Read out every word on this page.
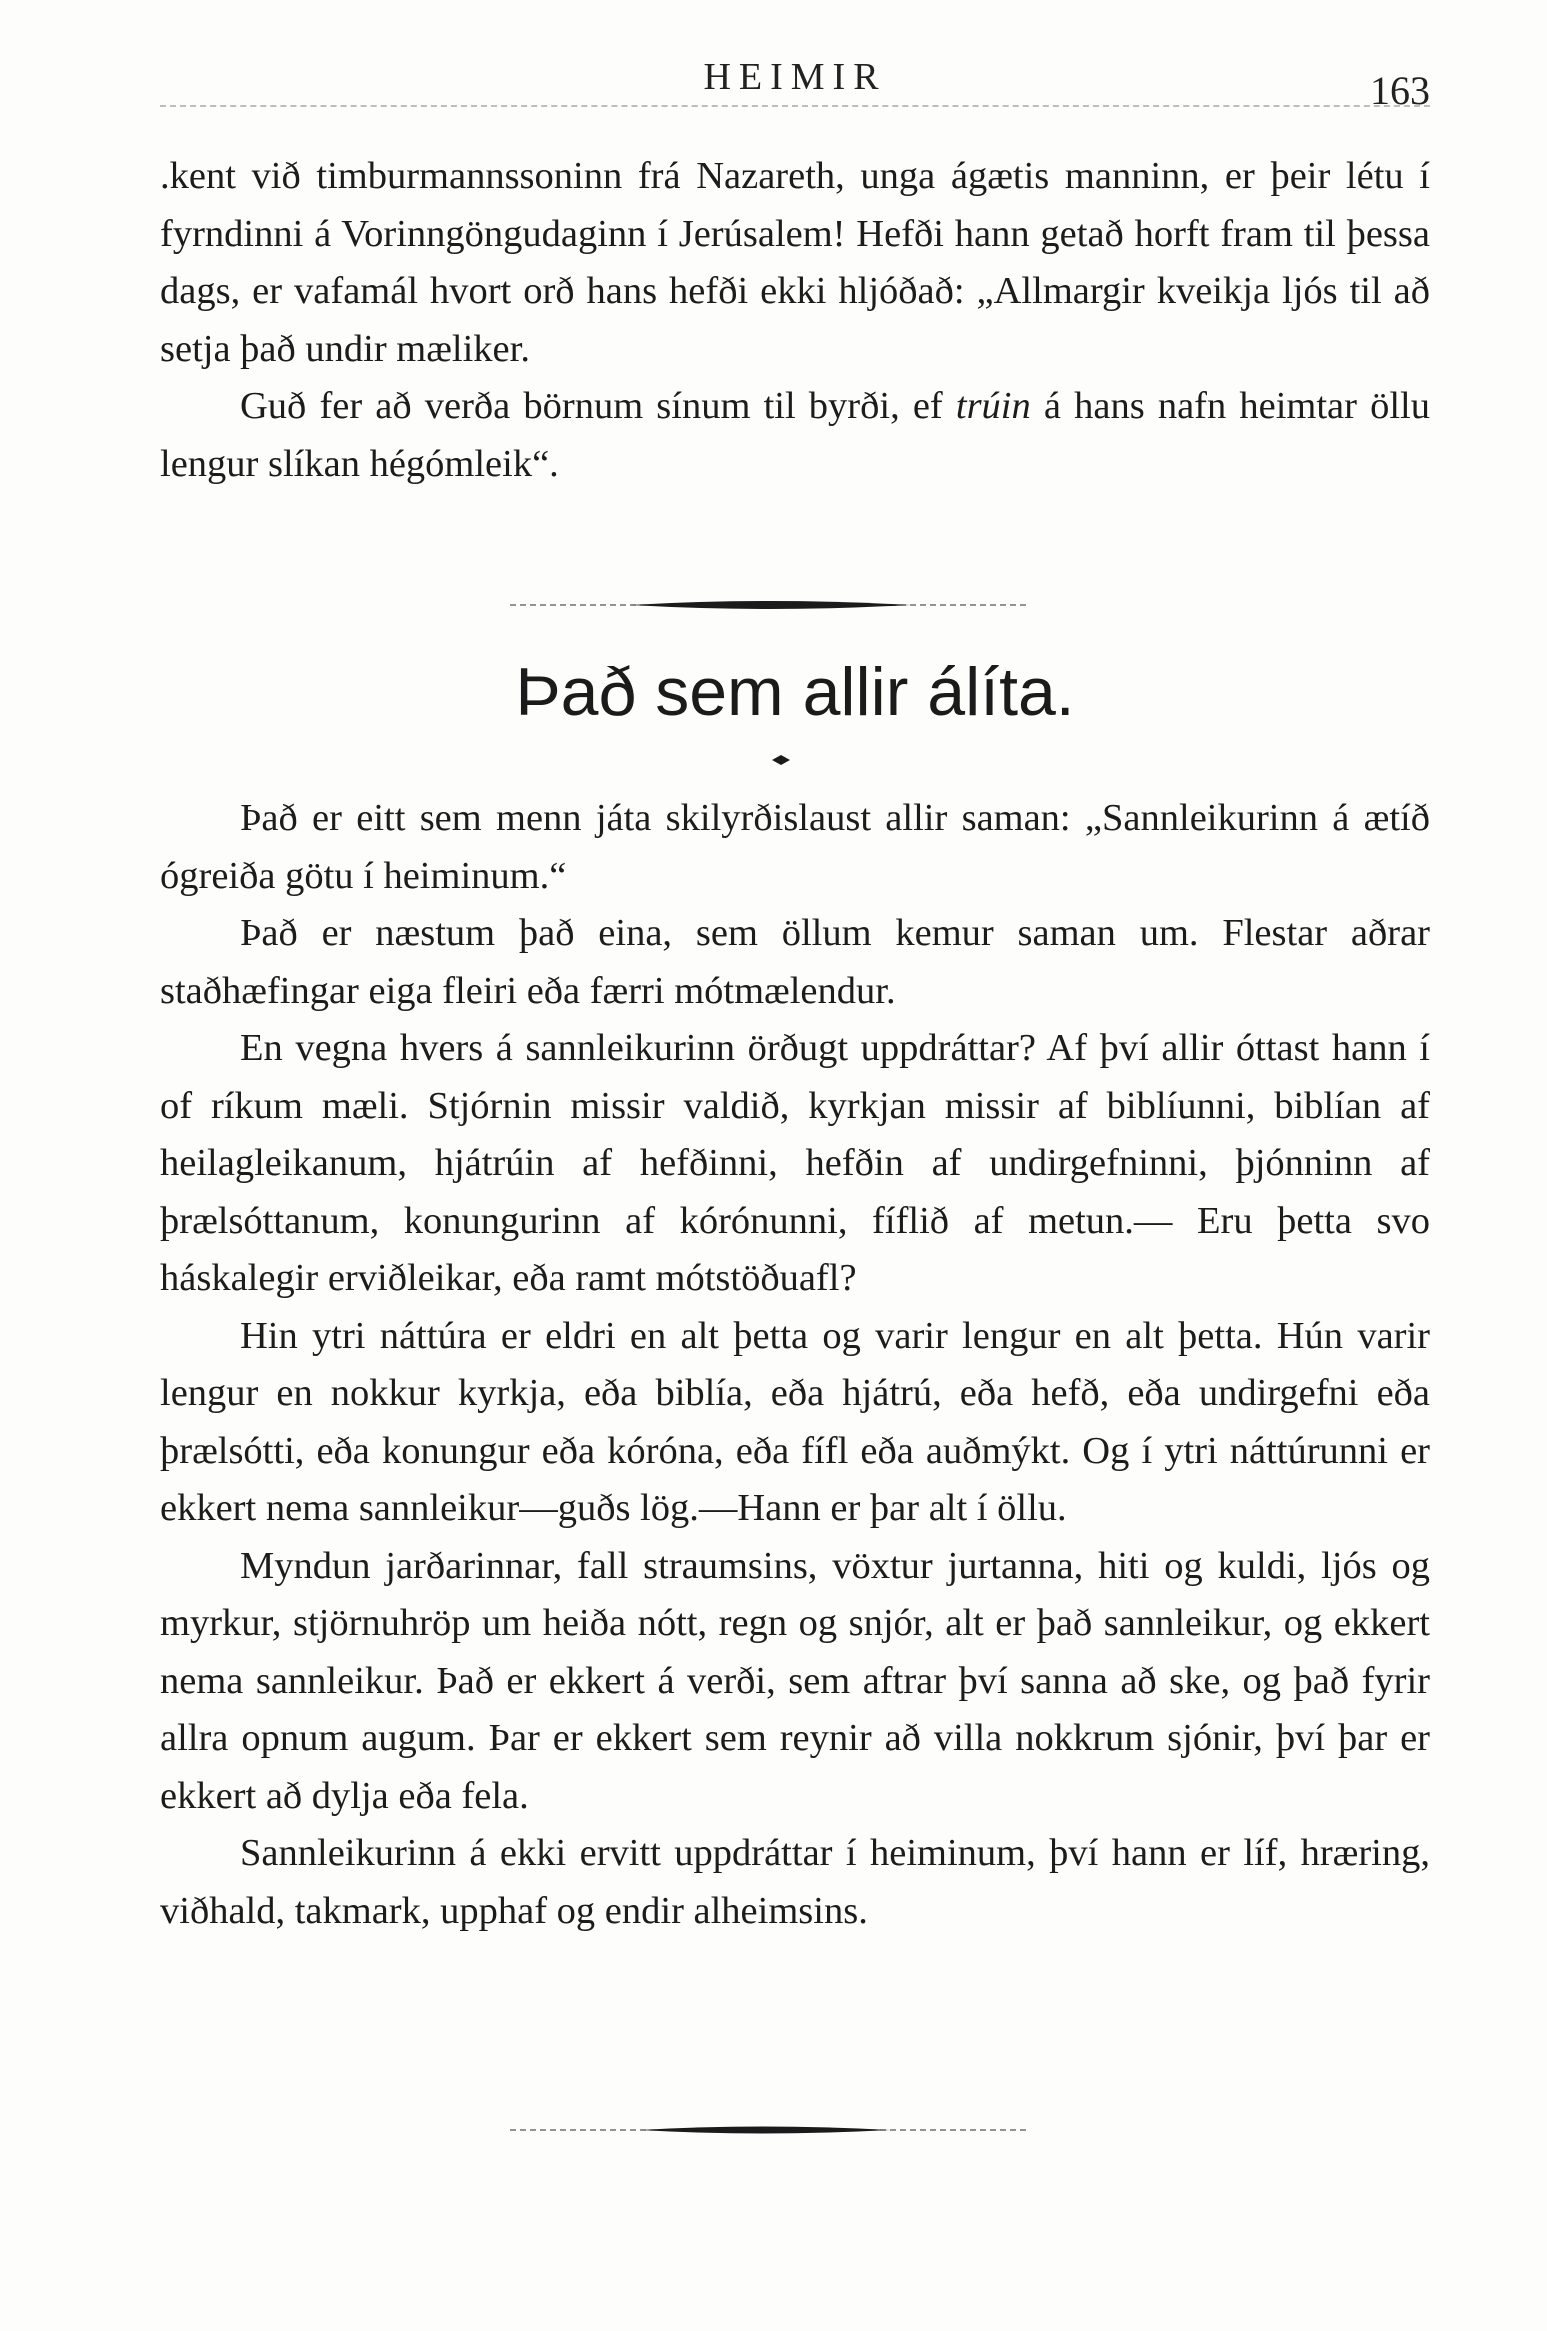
HEIMIR	163

.kent við timburmannssoninn frá Nazareth, unga ágætis manninn, er þeir létu í fyrndinni á Vorinngöngudaginn í Jerúsalem! Hefði hann getað horft fram til þessa dags, er vafamál hvort orð hans hefði ekki hljóðað: „Allmargir kveikja ljós til að setja það undir mæliker.

Guð fer að verða börnum sínum til byrði, ef trúin á hans nafn heimtar öllu lengur slíkan hégómleik“.

Það sem allir álíta.

Það er eitt sem menn játa skilyrðislaust allir saman: „Sannleikurinn á ætíð ógreiða götu í heiminum.“

Það er næstum það eina, sem öllum kemur saman um. Flestar aðrar staðhæfingar eiga fleiri eða færri mótmælendur.

En vegna hvers á sannleikurinn örðugt uppdráttar? Af því allir óttast hann í of ríkum mæli. Stjórnin missir valdið, kyrkjan missir af biblíunni, biblían af heilagleikanum, hjátrúin af hefðinni, hefðin af undirgefninni, þjónninn af þrælsóttanum, konungurinn af kórónunni, fíflið af metun.— Eru þetta svo háskalegir erviðleikar, eða ramt mótstöðuafl?

Hin ytri náttúra er eldri en alt þetta og varir lengur en alt þetta. Hún varir lengur en nokkur kyrkja, eða biblía, eða hjátrú, eða hefð, eða undirgefni eða þrælsótti, eða konungur eða kóróna, eða fífl eða auðmýkt. Og í ytri náttúrunni er ekkert nema sannleikur—guðs lög.—Hann er þar alt í öllu.

Myndun jarðarinnar, fall straumsins, vöxtur jurtanna, hiti og kuldi, ljós og myrkur, stjörnuhröp um heiða nótt, regn og snjór, alt er það sannleikur, og ekkert nema sannleikur. Það er ekkert á verði, sem aftrar því sanna að ske, og það fyrir allra opnum augum. Þar er ekkert sem reynir að villa nokkrum sjónir, því þar er ekkert að dylja eða fela.

Sannleikurinn á ekki ervitt uppdráttar í heiminum, því hann er líf, hræring, viðhald, takmark, upphaf og endir alheimsins.
